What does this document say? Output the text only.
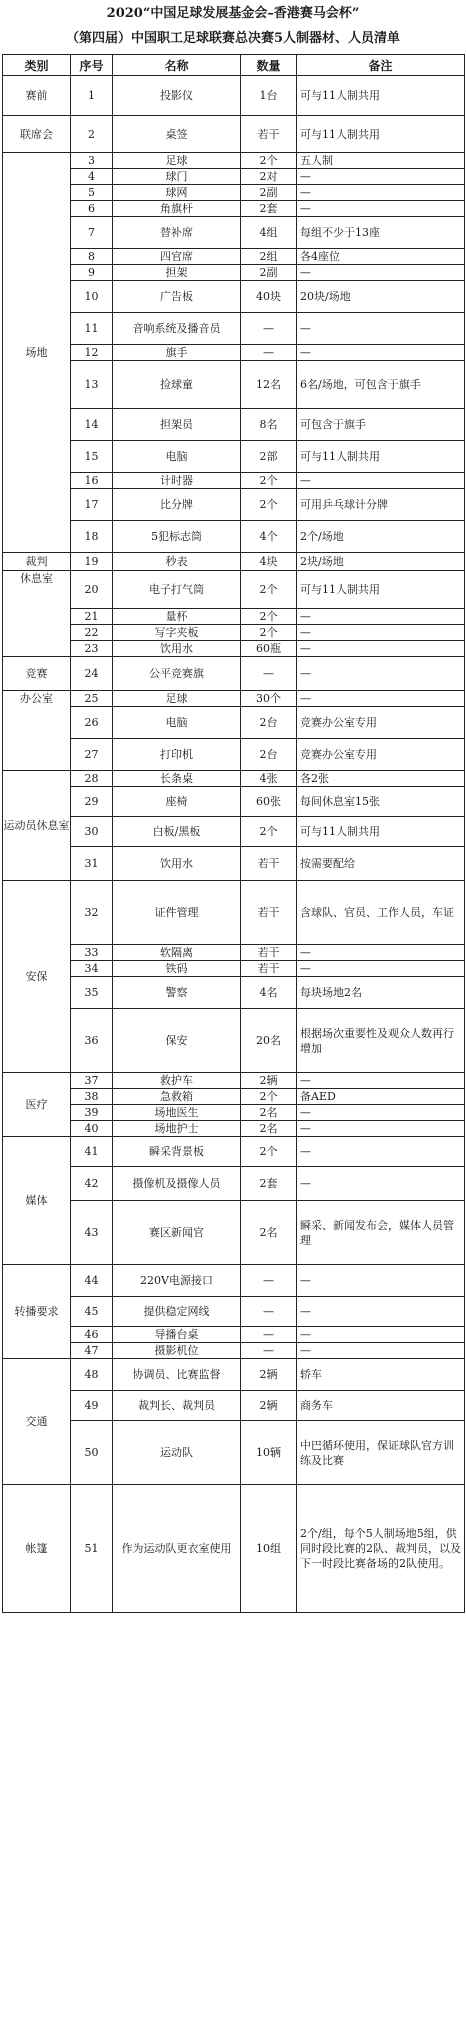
2020“中国足球发展基金会–香港赛马会杯”
（第四届）中国职工足球联赛总决赛5人制器材、人员清单
类别	序号	名称	数量	备注

赛前	1	投影仪	1台	可与11人制共用

联席会	2	桌签	若干	可与11人制共用

场地	3	足球	2个	五人制
	4	球门	2对	—
	5	球网	2副	—
	6	角旗杆	2套	—
	7	替补席	4组	每组不少于13座
	8	四官席	2组	各4座位
	9	担架	2副	—
	10	广告板	40块	20块/场地
	11	音响系统及播音员	—	—
	12	旗手	—	—
	13	捡球童	12名	6名/场地，可包含于旗手
	14	担架员	8名	可包含于旗手
	15	电脑	2部	可与11人制共用
	16	计时器	2个	—
	17	比分牌	2个	可用乒乓球计分牌
	18	5犯标志筒	4个	2个/场地

裁判	19	秒表	4块	2块/场地

休息室	20	电子打气筒	2个	可与11人制共用
	21	量杯	2个	—
	22	写字夹板	2个	—
	23	饮用水	60瓶	—

竞赛	24	公平竞赛旗	—	—

办公室	25	足球	30个	—
	26	电脑	2台	竞赛办公室专用
	27	打印机	2台	竞赛办公室专用

运动员休息室	28	长条桌	4张	各2张
	29	座椅	60张	每间休息室15张
	30	白板/黑板	2个	可与11人制共用
	31	饮用水	若干	按需要配给

安保	32	证件管理	若干	含球队、官员、工作人员，车证
	33	软隔离	若干	—
	34	铁码	若干	—
	35	警察	4名	每块场地2名
	36	保安	20名	根据场次重要性及观众人数再行增加

医疗	37	救护车	2辆	—
	38	急救箱	2个	备AED
	39	场地医生	2名	—
	40	场地护士	2名	—

媒体	41	瞬采背景板	2个	—
	42	摄像机及摄像人员	2套	—
	43	赛区新闻官	2名	瞬采、新闻发布会，媒体人员管理

转播要求	44	220V电源接口	—	—
	45	提供稳定网线	—	—
	46	导播台桌	—	—
	47	摄影机位	—	—

交通	48	协调员、比赛监督	2辆	轿车
	49	裁判长、裁判员	2辆	商务车
	50	运动队	10辆	中巴循环使用，保证球队官方训练及比赛

帐篷	51	作为运动队更衣室使用	10组	2个/组，每个5人制场地5组，供同时段比赛的2队、裁判员，以及下一时段比赛备场的2队使用。
